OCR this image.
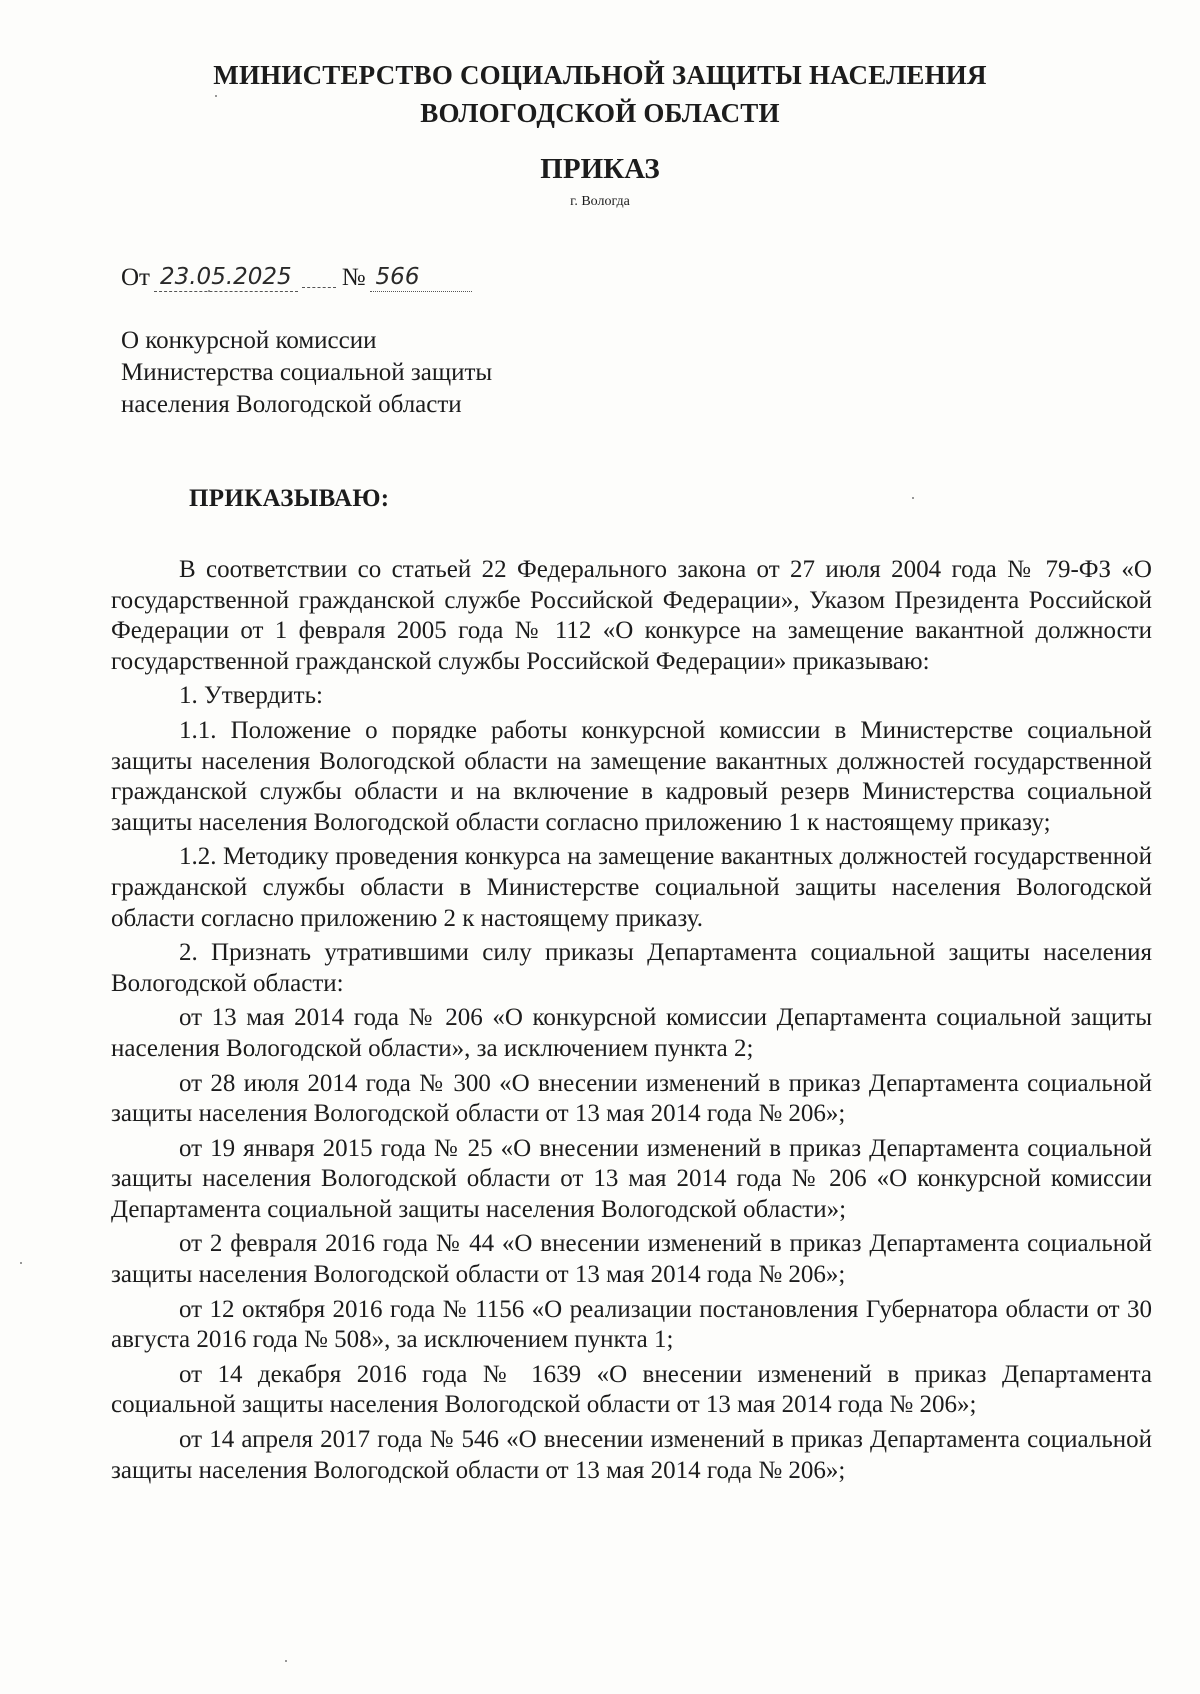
МИНИСТЕРСТВО СОЦИАЛЬНОЙ ЗАЩИТЫ НАСЕЛЕНИЯ
ВОЛОГОДСКОЙ ОБЛАСТИ
ПРИКАЗ
г. Вологда
От 23.05.2025 № 566
О конкурсной комиссии
Министерства социальной защиты
населения Вологодской области
ПРИКАЗЫВАЮ:

В соответствии со статьей 22 Федерального закона от 27 июля 2004 года № 79-ФЗ «О государственной гражданской службе Российской Федерации», Указом Президента Российской Федерации от 1 февраля 2005 года № 112 «О конкурсе на замещение вакантной должности государственной гражданской службы Российской Федерации» приказываю:

1. Утвердить:

1.1. Положение о порядке работы конкурсной комиссии в Министерстве социальной защиты населения Вологодской области на замещение вакантных должностей государственной гражданской службы области и на включение в кадровый резерв Министерства социальной защиты населения Вологодской области согласно приложению 1 к настоящему приказу;

1.2. Методику проведения конкурса на замещение вакантных должностей государственной гражданской службы области в Министерстве социальной защиты населения Вологодской области согласно приложению 2 к настоящему приказу.

2. Признать утратившими силу приказы Департамента социальной защиты населения Вологодской области:

от 13 мая 2014 года № 206 «О конкурсной комиссии Департамента социальной защиты населения Вологодской области», за исключением пункта 2;

от 28 июля 2014 года № 300 «О внесении изменений в приказ Департамента социальной защиты населения Вологодской области от 13 мая 2014 года № 206»;

от 19 января 2015 года № 25 «О внесении изменений в приказ Департамента социальной защиты населения Вологодской области от 13 мая 2014 года № 206 «О конкурсной комиссии Департамента социальной защиты населения Вологодской области»;

от 2 февраля 2016 года № 44 «О внесении изменений в приказ Департамента социальной защиты населения Вологодской области от 13 мая 2014 года № 206»;

от 12 октября 2016 года № 1156 «О реализации постановления Губернатора области от 30 августа 2016 года № 508», за исключением пункта 1;

от 14 декабря 2016 года № 1639 «О внесении изменений в приказ Департамента социальной защиты населения Вологодской области от 13 мая 2014 года № 206»;

от 14 апреля 2017 года № 546 «О внесении изменений в приказ Департамента социальной защиты населения Вологодской области от 13 мая 2014 года № 206»;
